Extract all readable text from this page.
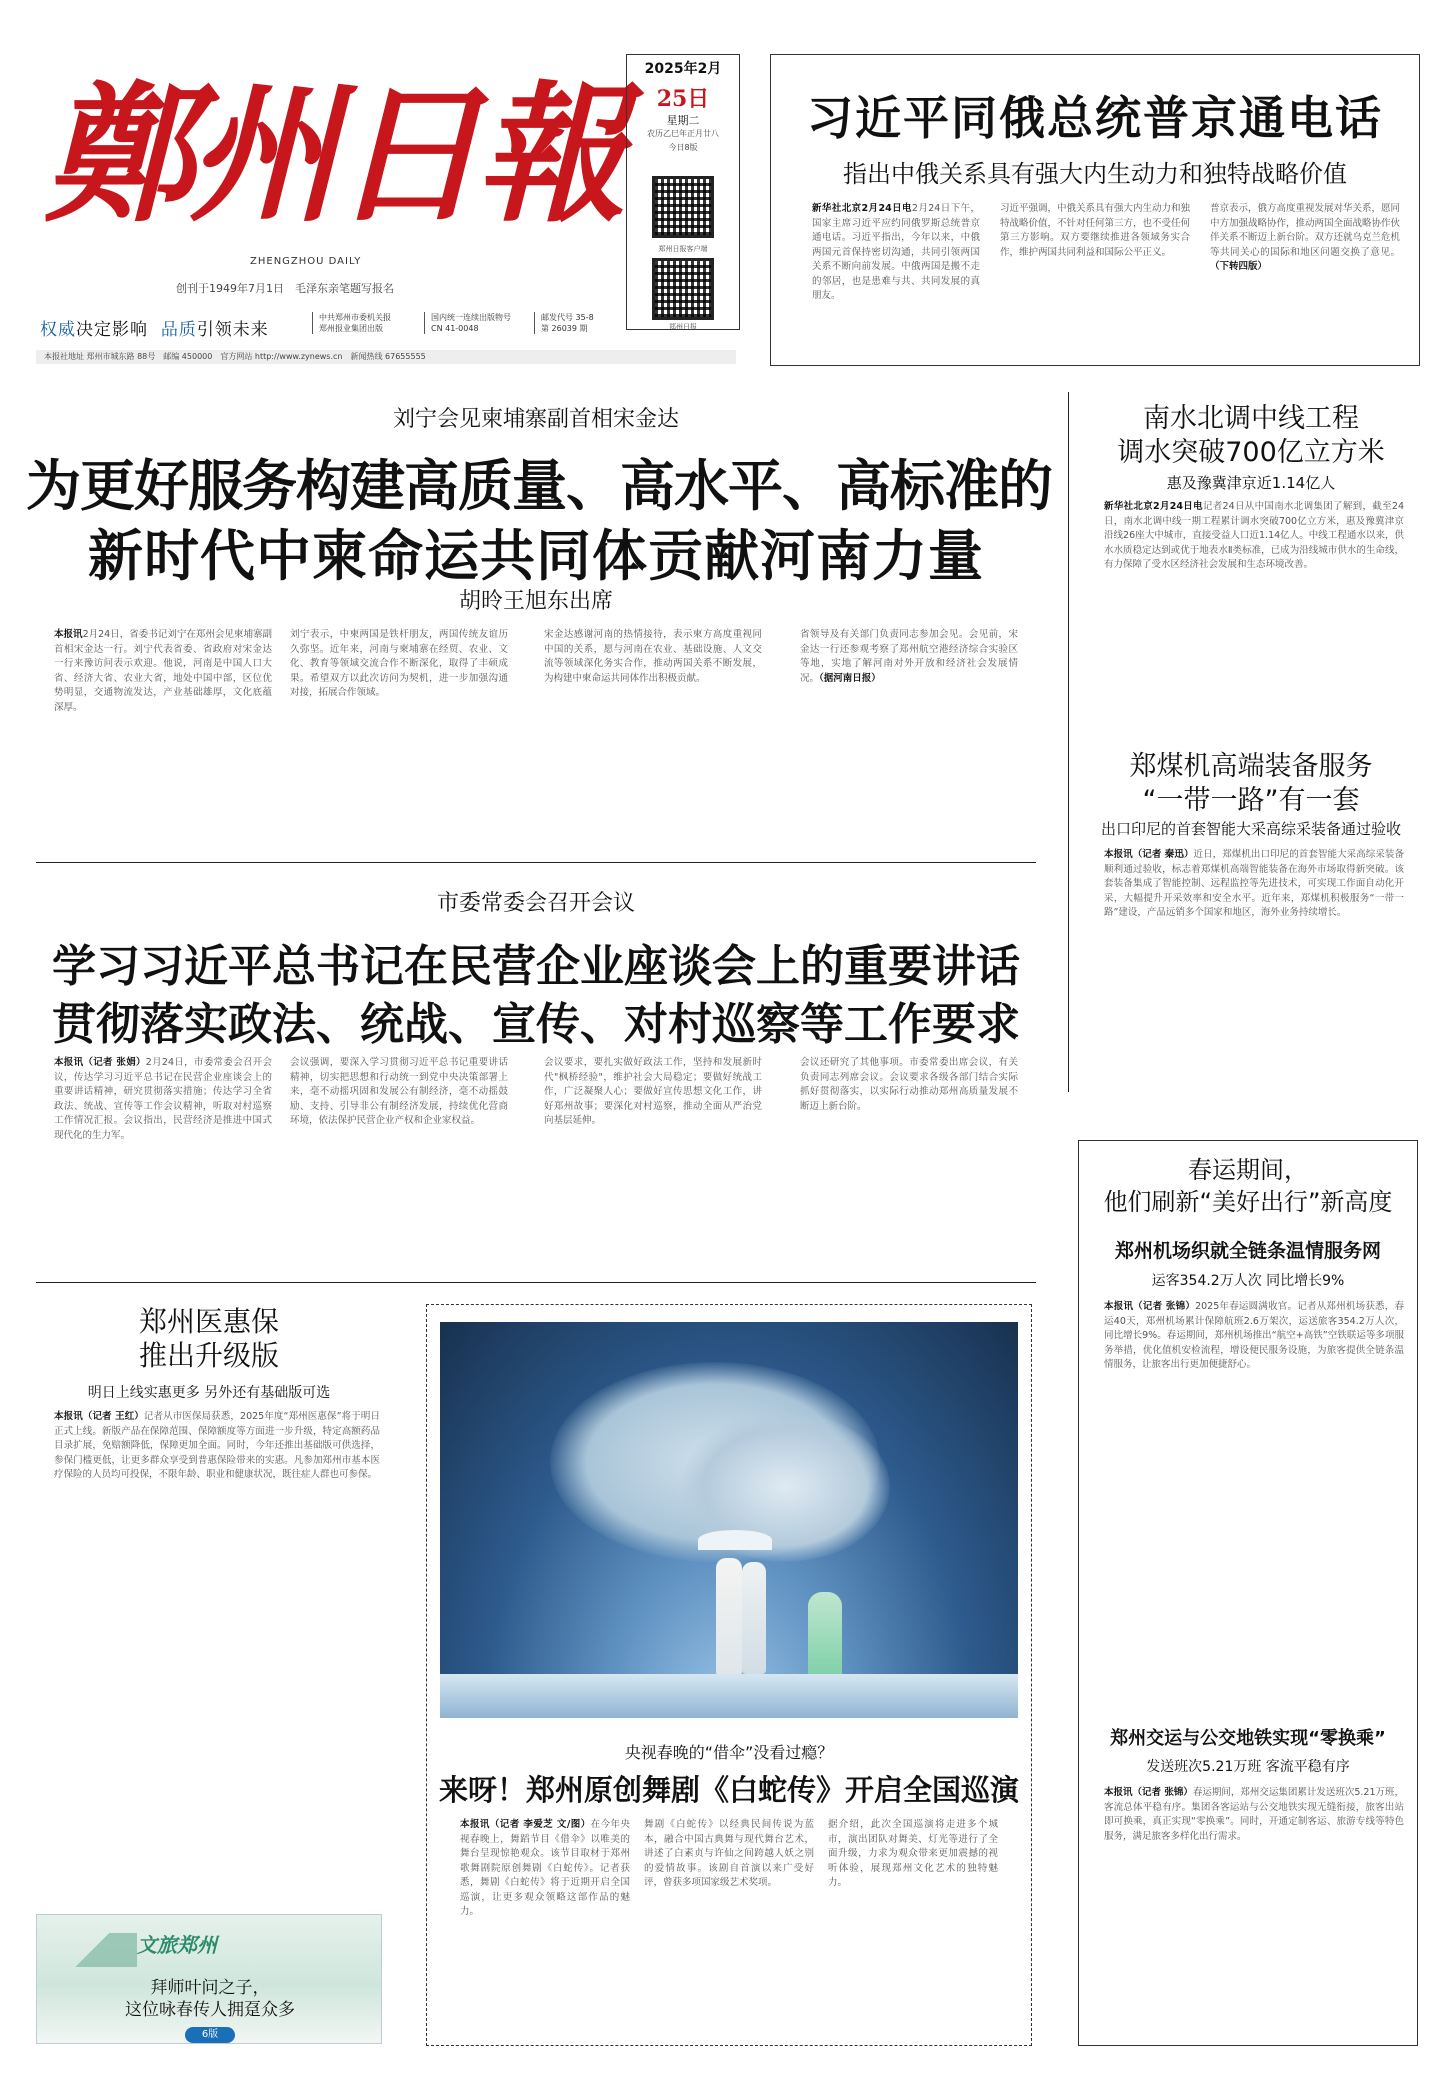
鄭州日報
ZHENGZHOU DAILY
创刊于1949年7月1日　毛泽东亲笔题写报名
权威决定影响 品质引领未来
中共郑州市委机关报
郑州报业集团出版
国内统一连续出版物号
CN 41-0048
邮发代号 35-8
第 26039 期
本报社地址 郑州市城东路 88号　邮编 450000　官方网站 http://www.zynews.cn　新闻热线 67655555
2025年2月
25日
星期二
农历乙巳年正月廿八
今日8版
郑州日报客户端
郑州日报
习近平同俄总统普京通电话
指出中俄关系具有强大内生动力和独特战略价值
新华社北京2月24日电2月24日下午，国家主席习近平应约同俄罗斯总统普京通电话。习近平指出，今年以来，中俄两国元首保持密切沟通，共同引领两国关系不断向前发展。中俄两国是搬不走的邻居，也是患难与共、共同发展的真朋友。
习近平强调，中俄关系具有强大内生动力和独特战略价值，不针对任何第三方，也不受任何第三方影响。双方要继续推进各领域务实合作，维护两国共同利益和国际公平正义。
普京表示，俄方高度重视发展对华关系，愿同中方加强战略协作，推动两国全面战略协作伙伴关系不断迈上新台阶。双方还就乌克兰危机等共同关心的国际和地区问题交换了意见。（下转四版）
刘宁会见柬埔寨副首相宋金达
为更好服务构建高质量、高水平、高标准的
新时代中柬命运共同体贡献河南力量
胡昤王旭东出席
本报讯2月24日，省委书记刘宁在郑州会见柬埔寨副首相宋金达一行。刘宁代表省委、省政府对宋金达一行来豫访问表示欢迎。他说，河南是中国人口大省、经济大省、农业大省，地处中国中部，区位优势明显，交通物流发达，产业基础雄厚，文化底蕴深厚。
刘宁表示，中柬两国是铁杆朋友，两国传统友谊历久弥坚。近年来，河南与柬埔寨在经贸、农业、文化、教育等领域交流合作不断深化，取得了丰硕成果。希望双方以此次访问为契机，进一步加强沟通对接，拓展合作领域。
宋金达感谢河南的热情接待，表示柬方高度重视同中国的关系，愿与河南在农业、基础设施、人文交流等领域深化务实合作，推动两国关系不断发展，为构建中柬命运共同体作出积极贡献。
省领导及有关部门负责同志参加会见。会见前，宋金达一行还参观考察了郑州航空港经济综合实验区等地，实地了解河南对外开放和经济社会发展情况。（据河南日报）
市委常委会召开会议
学习习近平总书记在民营企业座谈会上的重要讲话
贯彻落实政法、统战、宣传、对村巡察等工作要求
本报讯（记者 张娟）2月24日，市委常委会召开会议，传达学习习近平总书记在民营企业座谈会上的重要讲话精神，研究贯彻落实措施；传达学习全省政法、统战、宣传等工作会议精神，听取对村巡察工作情况汇报。会议指出，民营经济是推进中国式现代化的生力军。
会议强调，要深入学习贯彻习近平总书记重要讲话精神，切实把思想和行动统一到党中央决策部署上来，毫不动摇巩固和发展公有制经济，毫不动摇鼓励、支持、引导非公有制经济发展，持续优化营商环境，依法保护民营企业产权和企业家权益。
会议要求，要扎实做好政法工作，坚持和发展新时代"枫桥经验"，维护社会大局稳定；要做好统战工作，广泛凝聚人心；要做好宣传思想文化工作，讲好郑州故事；要深化对村巡察，推动全面从严治党向基层延伸。
会议还研究了其他事项。市委常委出席会议，有关负责同志列席会议。会议要求各级各部门结合实际抓好贯彻落实，以实际行动推动郑州高质量发展不断迈上新台阶。
南水北调中线工程
调水突破700亿立方米
惠及豫冀津京近1.14亿人
新华社北京2月24日电记者24日从中国南水北调集团了解到，截至24日，南水北调中线一期工程累计调水突破700亿立方米，惠及豫冀津京沿线26座大中城市，直接受益人口近1.14亿人。中线工程通水以来，供水水质稳定达到或优于地表水Ⅱ类标准，已成为沿线城市供水的生命线，有力保障了受水区经济社会发展和生态环境改善。
郑煤机高端装备服务
“一带一路”有一套
出口印尼的首套智能大采高综采装备通过验收
本报讯（记者 秦迅）近日，郑煤机出口印尼的首套智能大采高综采装备顺利通过验收，标志着郑煤机高端智能装备在海外市场取得新突破。该套装备集成了智能控制、远程监控等先进技术，可实现工作面自动化开采，大幅提升开采效率和安全水平。近年来，郑煤机积极服务“一带一路”建设，产品远销多个国家和地区，海外业务持续增长。
春运期间，
他们刷新“美好出行”新高度
郑州机场织就全链条温情服务网
运客354.2万人次 同比增长9%
本报讯（记者 张锦）2025年春运圆满收官。记者从郑州机场获悉，春运40天，郑州机场累计保障航班2.6万架次，运送旅客354.2万人次，同比增长9%。春运期间，郑州机场推出“航空+高铁”空铁联运等多项服务举措，优化值机安检流程，增设便民服务设施，为旅客提供全链条温情服务，让旅客出行更加便捷舒心。
郑州交运与公交地铁实现“零换乘”
发送班次5.21万班 客流平稳有序
本报讯（记者 张锦）春运期间，郑州交运集团累计发送班次5.21万班，客流总体平稳有序。集团各客运站与公交地铁实现无缝衔接，旅客出站即可换乘，真正实现“零换乘”。同时，开通定制客运、旅游专线等特色服务，满足旅客多样化出行需求。
郑州医惠保
推出升级版
明日上线实惠更多 另外还有基础版可选
本报讯（记者 王红）记者从市医保局获悉，2025年度“郑州医惠保”将于明日正式上线。新版产品在保障范围、保障额度等方面进一步升级，特定高额药品目录扩展，免赔额降低，保障更加全面。同时，今年还推出基础版可供选择，参保门槛更低，让更多群众享受到普惠保险带来的实惠。凡参加郑州市基本医疗保险的人员均可投保，不限年龄、职业和健康状况，既往症人群也可参保。
文旅郑州
拜师叶问之子，
这位咏春传人拥趸众多
6版
央视春晚的“借伞”没看过瘾？
来呀！郑州原创舞剧《白蛇传》开启全国巡演
本报讯（记者 李爱芝 文/图）在今年央视春晚上，舞蹈节目《借伞》以唯美的舞台呈现惊艳观众。该节目取材于郑州歌舞剧院原创舞剧《白蛇传》。记者获悉，舞剧《白蛇传》将于近期开启全国巡演，让更多观众领略这部作品的魅力。
舞剧《白蛇传》以经典民间传说为蓝本，融合中国古典舞与现代舞台艺术，讲述了白素贞与许仙之间跨越人妖之别的爱情故事。该剧自首演以来广受好评，曾获多项国家级艺术奖项。
据介绍，此次全国巡演将走进多个城市，演出团队对舞美、灯光等进行了全面升级，力求为观众带来更加震撼的视听体验，展现郑州文化艺术的独特魅力。
